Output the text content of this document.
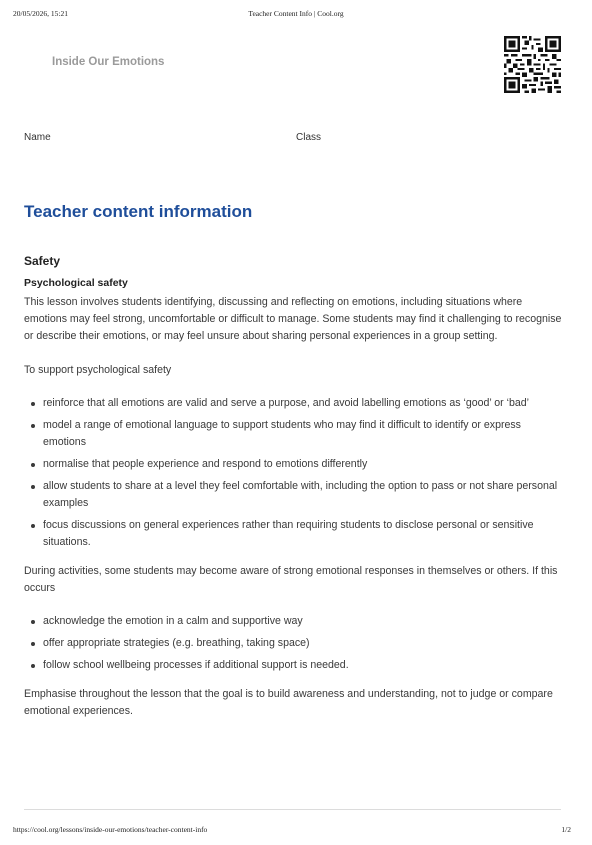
Teacher Content Info | Cool.org
20/05/2026, 15:21
Inside Our Emotions
Name	Class
Teacher content information
Safety
Psychological safety

This lesson involves students identifying, discussing and reflecting on emotions, including situations where emotions may feel strong, uncomfortable or difficult to manage. Some students may find it challenging to recognise or describe their emotions, or may feel unsure about sharing personal experiences in a group setting.

To support psychological safety

reinforce that all emotions are valid and serve a purpose, and avoid labelling emotions as ‘good’ or ‘bad’
model a range of emotional language to support students who may find it difficult to identify or express emotions
normalise that people experience and respond to emotions differently
allow students to share at a level they feel comfortable with, including the option to pass or not share personal examples
focus discussions on general experiences rather than requiring students to disclose personal or sensitive situations.

During activities, some students may become aware of strong emotional responses in themselves or others. If this occurs

acknowledge the emotion in a calm and supportive way
offer appropriate strategies (e.g. breathing, taking space)
follow school wellbeing processes if additional support is needed.

Emphasise throughout the lesson that the goal is to build awareness and understanding, not to judge or compare emotional experiences.

https://cool.org/lessons/inside-our-emotions/teacher-content-info	1/2
